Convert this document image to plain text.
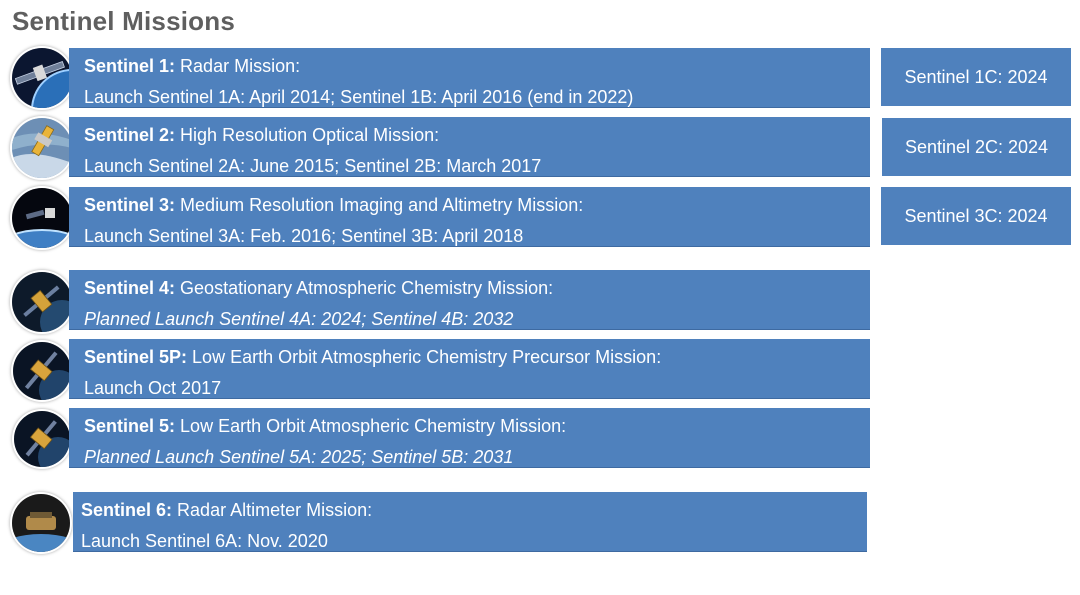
Sentinel Missions
Sentinel 1: Radar Mission:
Launch Sentinel 1A: April 2014; Sentinel 1B: April 2016 (end in 2022)
Sentinel 1C: 2024
Sentinel 2: High Resolution Optical Mission:
Launch Sentinel 2A: June 2015; Sentinel 2B: March 2017
Sentinel 2C: 2024
Sentinel 3: Medium Resolution Imaging and Altimetry Mission:
Launch Sentinel 3A: Feb. 2016; Sentinel 3B: April 2018
Sentinel 3C: 2024
Sentinel 4: Geostationary Atmospheric Chemistry Mission:
Planned Launch Sentinel 4A: 2024; Sentinel 4B: 2032
Sentinel 5P: Low Earth Orbit Atmospheric Chemistry Precursor Mission:
Launch Oct 2017
Sentinel 5: Low Earth Orbit Atmospheric Chemistry Mission:
Planned Launch Sentinel 5A: 2025; Sentinel 5B: 2031
Sentinel 6: Radar Altimeter Mission:
Launch Sentinel 6A: Nov. 2020
